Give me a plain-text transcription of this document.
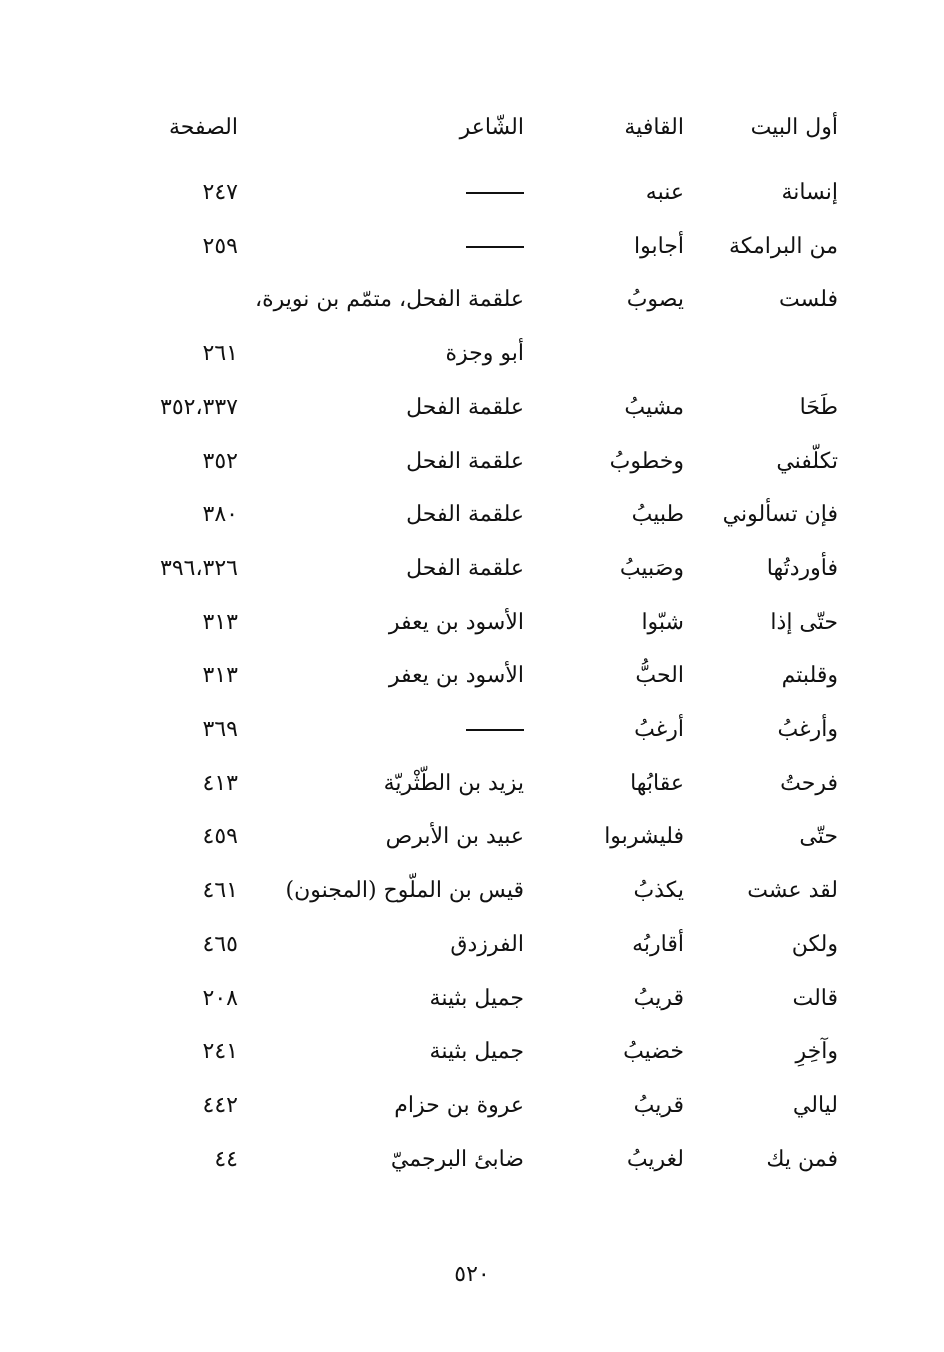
أول البيت
القافية
الشّاعر
الصفحة
إنسانة
عنبه
٢٤٧
من البرامكة
أجابوا
٢٥٩
فلست
يصوبُ
علقمة الفحل، متمّم بن نويرة،
أبو وجزة
٢٦١
طَحَا
مشيبُ
علقمة الفحل
٣٥٢،٣٣٧
تكلّفني
وخطوبُ
علقمة الفحل
٣٥٢
فإن تسألوني
طبيبُ
علقمة الفحل
٣٨٠
فأوردتُها
وصَبيبُ
علقمة الفحل
٣٩٦،٣٢٦
حتّى إذا
شبّوا
الأسود بن يعفر
٣١٣
وقلبتم
الحبُّ
الأسود بن يعفر
٣١٣
وأرغبُ
أرغبُ
٣٦٩
فرحتُ
عقابُها
يزيد بن الطّثْريّة
٤١٣
حتّى
فليشربوا
عبيد بن الأبرص
٤٥٩
لقد عشت
يكذبُ
قيس بن الملّوح (المجنون)
٤٦١
ولكن
أقاربُه
الفرزدق
٤٦٥
قالت
قريبُ
جميل بثينة
٢٠٨
وآخِرِ
خضيبُ
جميل بثينة
٢٤١
ليالي
قريبُ
عروة بن حزام
٤٤٢
فمن يك
لغريبُ
ضابئ البرجميّ
٤٤
٥٢٠
